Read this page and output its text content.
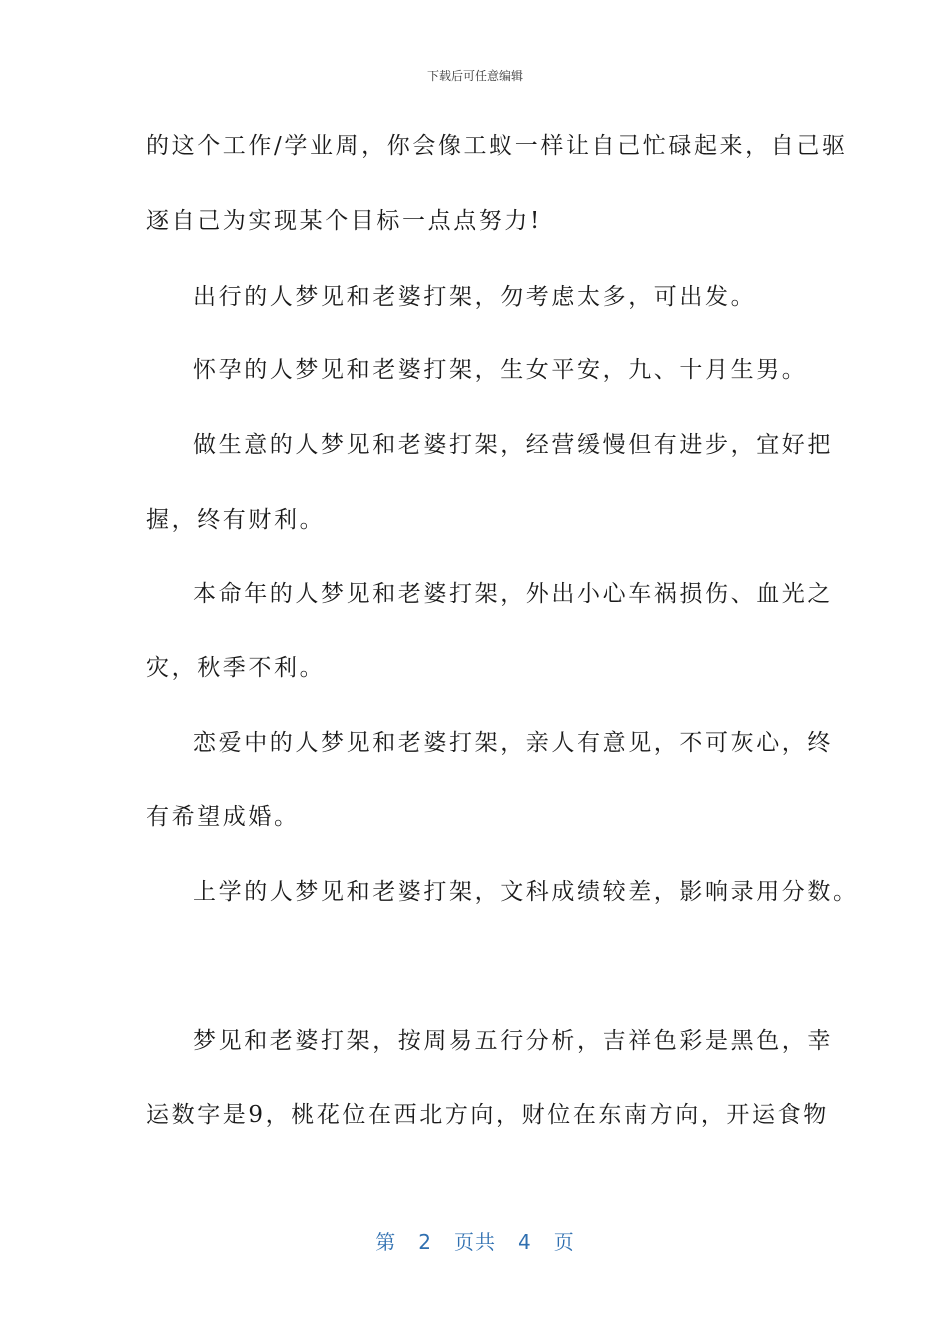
下载后可任意编辑
的这个工作/学业周，你会像工蚁一样让自己忙碌起来，自己驱
逐自己为实现某个目标一点点努力!
出行的人梦见和老婆打架，勿考虑太多，可出发。
怀孕的人梦见和老婆打架，生女平安，九、十月生男。
做生意的人梦见和老婆打架，经营缓慢但有进步，宜好把
握，终有财利。
本命年的人梦见和老婆打架，外出小心车祸损伤、血光之
灾，秋季不利。
恋爱中的人梦见和老婆打架，亲人有意见，不可灰心，终
有希望成婚。
上学的人梦见和老婆打架，文科成绩较差，影响录用分数。
梦见和老婆打架，按周易五行分析，吉祥色彩是黑色，幸
运数字是9，桃花位在西北方向，财位在东南方向，开运食物
第 2 页共 4 页
